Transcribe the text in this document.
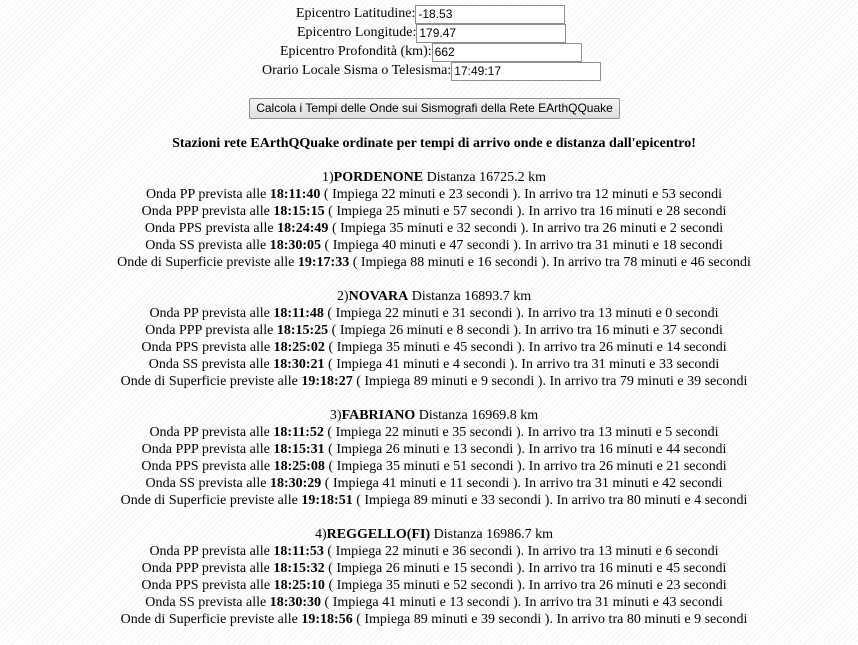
Epicentro Latitudine: -18.53
Epicentro Longitude: 179.47
Epicentro Profondità (km): 662
Orario Locale Sisma o Telesisma: 17:49:17
Calcola i Tempi delle Onde sui Sismografi della Rete EArthQQuake
Stazioni rete EArthQQuake ordinate per tempi di arrivo onde e distanza dall'epicentro!
1)PORDENONE Distanza 16725.2 km
Onda PP prevista alle 18:11:40 ( Impiega 22 minuti e 23 secondi ). In arrivo tra 12 minuti e 53 secondi
Onda PPP prevista alle 18:15:15 ( Impiega 25 minuti e 57 secondi ). In arrivo tra 16 minuti e 28 secondi
Onda PPS prevista alle 18:24:49 ( Impiega 35 minuti e 32 secondi ). In arrivo tra 26 minuti e 2 secondi
Onda SS prevista alle 18:30:05 ( Impiega 40 minuti e 47 secondi ). In arrivo tra 31 minuti e 18 secondi
Onde di Superficie previste alle 19:17:33 ( Impiega 88 minuti e 16 secondi ). In arrivo tra 78 minuti e 46 secondi
2)NOVARA Distanza 16893.7 km
Onda PP prevista alle 18:11:48 ( Impiega 22 minuti e 31 secondi ). In arrivo tra 13 minuti e 0 secondi
Onda PPP prevista alle 18:15:25 ( Impiega 26 minuti e 8 secondi ). In arrivo tra 16 minuti e 37 secondi
Onda PPS prevista alle 18:25:02 ( Impiega 35 minuti e 45 secondi ). In arrivo tra 26 minuti e 14 secondi
Onda SS prevista alle 18:30:21 ( Impiega 41 minuti e 4 secondi ). In arrivo tra 31 minuti e 33 secondi
Onde di Superficie previste alle 19:18:27 ( Impiega 89 minuti e 9 secondi ). In arrivo tra 79 minuti e 39 secondi
3)FABRIANO Distanza 16969.8 km
Onda PP prevista alle 18:11:52 ( Impiega 22 minuti e 35 secondi ). In arrivo tra 13 minuti e 5 secondi
Onda PPP prevista alle 18:15:31 ( Impiega 26 minuti e 13 secondi ). In arrivo tra 16 minuti e 44 secondi
Onda PPS prevista alle 18:25:08 ( Impiega 35 minuti e 51 secondi ). In arrivo tra 26 minuti e 21 secondi
Onda SS prevista alle 18:30:29 ( Impiega 41 minuti e 11 secondi ). In arrivo tra 31 minuti e 42 secondi
Onde di Superficie previste alle 19:18:51 ( Impiega 89 minuti e 33 secondi ). In arrivo tra 80 minuti e 4 secondi
4)REGGELLO(FI) Distanza 16986.7 km
Onda PP prevista alle 18:11:53 ( Impiega 22 minuti e 36 secondi ). In arrivo tra 13 minuti e 6 secondi
Onda PPP prevista alle 18:15:32 ( Impiega 26 minuti e 15 secondi ). In arrivo tra 16 minuti e 45 secondi
Onda PPS prevista alle 18:25:10 ( Impiega 35 minuti e 52 secondi ). In arrivo tra 26 minuti e 23 secondi
Onda SS prevista alle 18:30:30 ( Impiega 41 minuti e 13 secondi ). In arrivo tra 31 minuti e 43 secondi
Onde di Superficie previste alle 19:18:56 ( Impiega 89 minuti e 39 secondi ). In arrivo tra 80 minuti e 9 secondi
